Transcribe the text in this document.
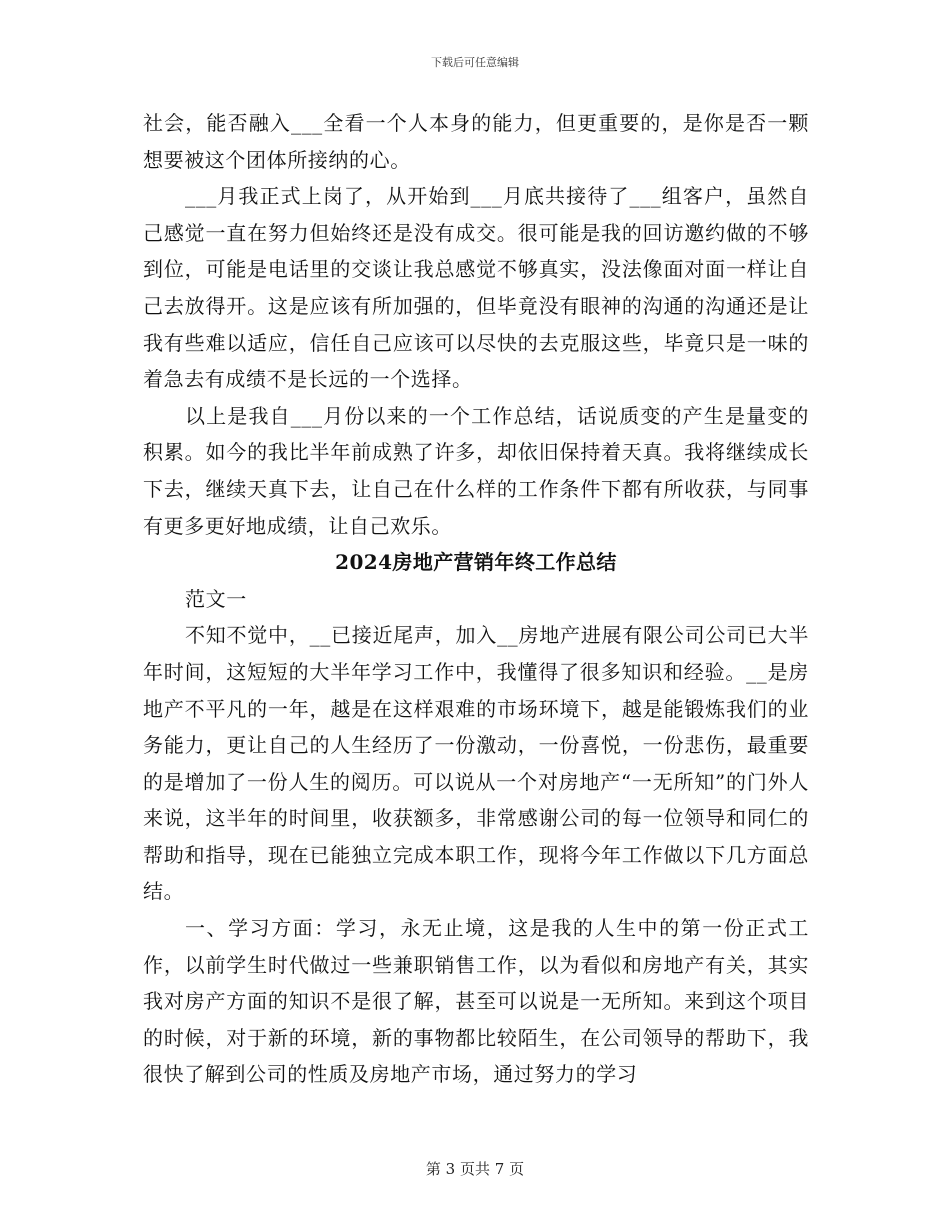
下载后可任意编辑

社会，能否融入___全看一个人本身的能力，但更重要的，是你是否一颗想要被这个团体所接纳的心。

___月我正式上岗了，从开始到___月底共接待了___组客户，虽然自己感觉一直在努力但始终还是没有成交。很可能是我的回访邀约做的不够到位，可能是电话里的交谈让我总感觉不够真实，没法像面对面一样让自己去放得开。这是应该有所加强的，但毕竟没有眼神的沟通的沟通还是让我有些难以适应，信任自己应该可以尽快的去克服这些，毕竟只是一味的着急去有成绩不是长远的一个选择。

以上是我自___月份以来的一个工作总结，话说质变的产生是量变的积累。如今的我比半年前成熟了许多，却依旧保持着天真。我将继续成长下去，继续天真下去，让自己在什么样的工作条件下都有所收获，与同事有更多更好地成绩，让自己欢乐。

2024房地产营销年终工作总结

范文一

不知不觉中，__已接近尾声，加入__房地产进展有限公司公司已大半年时间，这短短的大半年学习工作中，我懂得了很多知识和经验。__是房地产不平凡的一年，越是在这样艰难的市场环境下，越是能锻炼我们的业务能力，更让自己的人生经历了一份激动，一份喜悦，一份悲伤，最重要的是增加了一份人生的阅历。可以说从一个对房地产“一无所知”的门外人来说，这半年的时间里，收获额多，非常感谢公司的每一位领导和同仁的帮助和指导，现在已能独立完成本职工作，现将今年工作做以下几方面总结。

一、学习方面：学习，永无止境，这是我的人生中的第一份正式工作，以前学生时代做过一些兼职销售工作，以为看似和房地产有关，其实我对房产方面的知识不是很了解，甚至可以说是一无所知。来到这个项目的时候，对于新的环境，新的事物都比较陌生，在公司领导的帮助下，我很快了解到公司的性质及房地产市场，通过努力的学习

第 3 页共 7 页
